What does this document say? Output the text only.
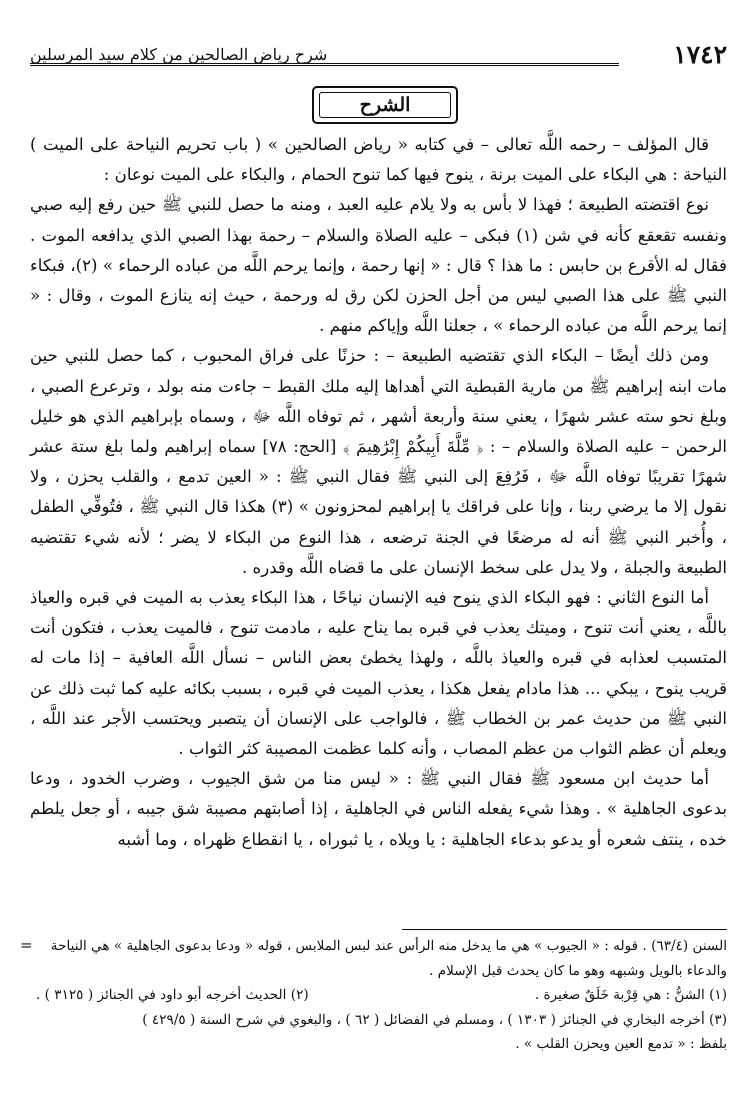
١٧٤٢
شرح رياض الصالحين من كلام سيد المرسلين
الشرح

قال المؤلف – رحمه اللَّه تعالى – في كتابه « رياض الصالحين » ( باب تحريم النياحة على الميت ) النياحة : هي البكاء على الميت برنة ، ينوح فيها كما تنوح الحمام ، والبكاء على الميت نوعان :

نوع اقتضته الطبيعة ؛ فهذا لا بأس به ولا يلام عليه العبد ، ومنه ما حصل للنبي ﷺ حين رفع إليه صبي ونفسه تقعقع كأنه في شن (١) فبكى – عليه الصلاة والسلام – رحمة بهذا الصبي الذي يدافعه الموت . فقال له الأقرع بن حابس : ما هذا ؟ قال : « إنها رحمة ، وإنما يرحم اللَّه من عباده الرحماء » (٢)، فبكاء النبي ﷺ على هذا الصبي ليس من أجل الحزن لكن رق له ورحمة ، حيث إنه ينازع الموت ، وقال : « إنما يرحم اللَّه من عباده الرحماء » ، جعلنا اللَّه وإياكم منهم .

ومن ذلك أيضًا – البكاء الذي تقتضيه الطبيعة – : حزنًا على فراق المحبوب ، كما حصل للنبي حين مات ابنه إبراهيم ﷺ من مارية القبطية التي أهداها إليه ملك القبط – جاءت منه بولد ، وترعرع الصبي ، وبلغ نحو سته عشر شهرًا ، يعني سنة وأربعة أشهر ، ثم توفاه اللَّه ﷻ ، وسماه بإبراهيم الذي هو خليل الرحمن – عليه الصلاة والسلام – : ﴿ مِّلَّةَ أَبِيكُمْ إِبْرَٰهِيمَ ﴾ [الحج: ٧٨] سماه إبراهيم ولما بلغ ستة عشر شهرًا تقريبًا توفاه اللَّه ﷻ ، فَرُفِعَ إلى النبي ﷺ فقال النبي ﷺ : « العين تدمع ، والقلب يحزن ، ولا نقول إلا ما يرضي ربنا ، وإنا على فراقك يا إبراهيم لمحزونون » (٣) هكذا قال النبي ﷺ ، فتُوفِّي الطفل ، وأُخبر النبي ﷺ أنه له مرضعًا في الجنة ترضعه ، هذا النوع من البكاء لا يضر ؛ لأنه شيء تقتضيه الطبيعة والجبلة ، ولا يدل على سخط الإنسان على ما قضاه اللَّه وقدره .

أما النوع الثاني : فهو البكاء الذي ينوح فيه الإنسان نياحًا ، هذا البكاء يعذب به الميت في قبره والعياذ باللَّه ، يعني أنت تنوح ، وميتك يعذب في قبره بما يناح عليه ، مادمت تنوح ، فالميت يعذب ، فتكون أنت المتسبب لعذابه في قبره والعياذ باللَّه ، ولهذا يخطئ بعض الناس – نسأل اللَّه العافية – إذا مات له قريب ينوح ، يبكي ... هذا مادام يفعل هكذا ، يعذب الميت في قبره ، بسبب بكائه عليه كما ثبت ذلك عن النبي ﷺ من حديث عمر بن الخطاب ﷺ ، فالواجب على الإنسان أن يتصبر ويحتسب الأجر عند اللَّه ، ويعلم أن عظم الثواب من عظم المصاب ، وأنه كلما عظمت المصيبة كثر الثواب .

أما حديث ابن مسعود ﷺ فقال النبي ﷺ : « ليس منا من شق الجيوب ، وضرب الخدود ، ودعا بدعوى الجاهلية » . وهذا شيء يفعله الناس في الجاهلية ، إذا أصابتهم مصيبة شق جيبه ، أو جعل يلطم خده ، ينتف شعره أو يدعو بدعاء الجاهلية : يا ويلاه ، يا ثبوراه ، يا انقطاع ظهراه ، وما أشبه

=	السنن (٦٣/٤) . قوله : « الجيوب » هي ما يدخل منه الرأس عند لبس الملابس ، قوله « ودعا بدعوى الجاهلية » هي النياحة والدعاء بالويل وشبهه وهو ما كان يحدث قبل الإسلام .

(١) الشنُّ : هي قِرْبة خَلَقٌ صغيرة .
(٢) الحديث أخرجه أبو داود في الجنائز ( ٣١٢٥ ) .

(٣) أخرجه البخاري في الجنائز ( ١٣٠٣ ) ، ومسلم في الفضائل ( ٦٢ ) ، والبغوي في شرح السنة ( ٤٢٩/٥ )

بلفظ : « تدمع العين ويحزن القلب » .
